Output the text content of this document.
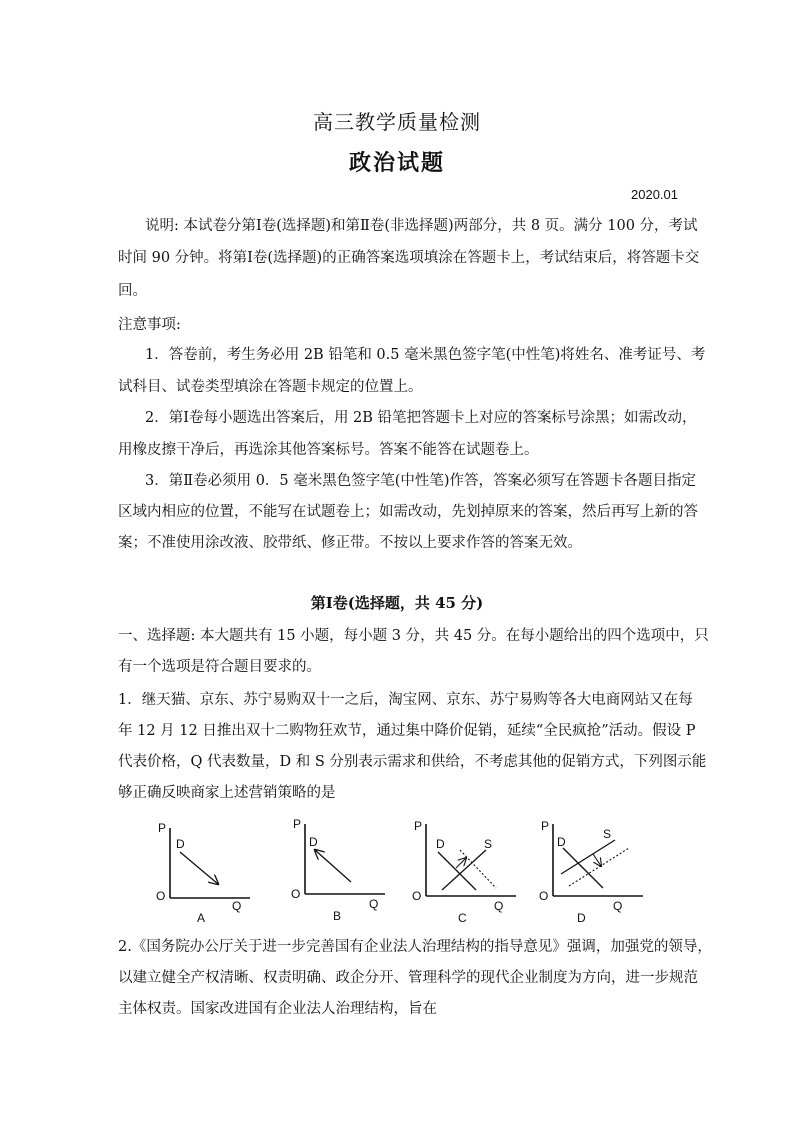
高三教学质量检测
政治试题
2020.01
说明: 本试卷分第Ⅰ卷(选择题)和第Ⅱ卷(非选择题)两部分，共 8 页。满分 100 分，考试
时间 90 分钟。将第Ⅰ卷(选择题)的正确答案选项填涂在答题卡上，考试结束后，将答题卡交
回。
注意事项:
1．答卷前，考生务必用 2B 铅笔和 0.5 毫米黑色签字笔(中性笔)将姓名、准考证号、考
试科目、试卷类型填涂在答题卡规定的位置上。
2．第Ⅰ卷每小题选出答案后，用 2B 铅笔把答题卡上对应的答案标号涂黑；如需改动，
用橡皮擦干净后，再选涂其他答案标号。答案不能答在试题卷上。
3．第Ⅱ卷必须用 0．5 毫米黑色签字笔(中性笔)作答，答案必须写在答题卡各题目指定
区域内相应的位置，不能写在试题卷上；如需改动，先划掉原来的答案，然后再写上新的答
案；不准使用涂改液、胶带纸、修正带。不按以上要求作答的答案无效。
第Ⅰ卷(选择题，共 45 分)
一、选择题: 本大题共有 15 小题，每小题 3 分，共 45 分。在每小题给出的四个选项中，只
有一个选项是符合题目要求的。
1．继天猫、京东、苏宁易购双十一之后，淘宝网、京东、苏宁易购等各大电商网站又在每
年 12 月 12 日推出双十二购物狂欢节，通过集中降价促销，延续“全民疯抢”活动。假设 P
代表价格，Q 代表数量，D 和 S 分别表示需求和供给，不考虑其他的促销方式，下列图示能
够正确反映商家上述营销策略的是
P
D
O
Q
A
P
D
O
Q
B
P
D	S
O
Q
C
P
D
S
O
Q
D
2.《国务院办公厅关于进一步完善国有企业法人治理结构的指导意见》强调，加强党的领导，
以建立健全产权清晰、权责明确、政企分开、管理科学的现代企业制度为方向，进一步规范
主体权责。国家改进国有企业法人治理结构，旨在
